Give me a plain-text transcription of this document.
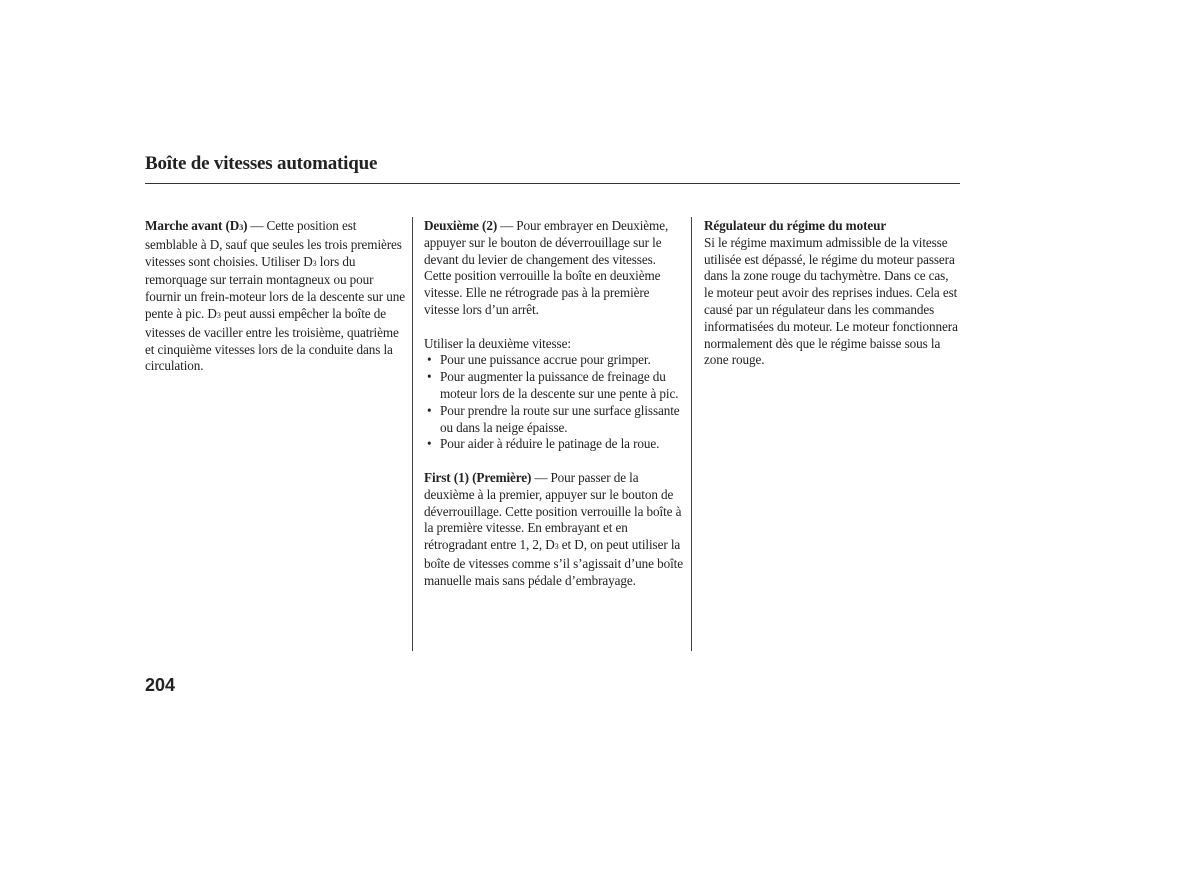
Boîte de vitesses automatique

Marche avant (D3) — Cette position est semblable à D, sauf que seules les trois premières vitesses sont choisies. Utiliser D3 lors du remorquage sur terrain montagneux ou pour fournir un frein-moteur lors de la descente sur une pente à pic. D3 peut aussi empêcher la boîte de vitesses de vaciller entre les troisième, quatrième et cinquième vitesses lors de la conduite dans la circulation.

Deuxième (2) — Pour embrayer en Deuxième, appuyer sur le bouton de déverrouillage sur le devant du levier de changement des vitesses. Cette position verrouille la boîte en deuxième vitesse. Elle ne rétrograde pas à la première vitesse lors d’un arrêt.

Utiliser la deuxième vitesse:

• Pour une puissance accrue pour grimper.
• Pour augmenter la puissance de freinage du moteur lors de la descente sur une pente à pic.
• Pour prendre la route sur une surface glissante ou dans la neige épaisse.
• Pour aider à réduire le patinage de la roue.

First (1) (Première) — Pour passer de la deuxième à la premier, appuyer sur le bouton de déverrouillage. Cette position verrouille la boîte à la première vitesse. En embrayant et en rétrogradant entre 1, 2, D3 et D, on peut utiliser la boîte de vitesses comme s’il s’agissait d’une boîte manuelle mais sans pédale d’embrayage.

Régulateur du régime du moteur

Si le régime maximum admissible de la vitesse utilisée est dépassé, le régime du moteur passera dans la zone rouge du tachymètre. Dans ce cas, le moteur peut avoir des reprises indues. Cela est causé par un régulateur dans les commandes informatisées du moteur. Le moteur fonctionnera normalement dès que le régime baisse sous la zone rouge.

204
